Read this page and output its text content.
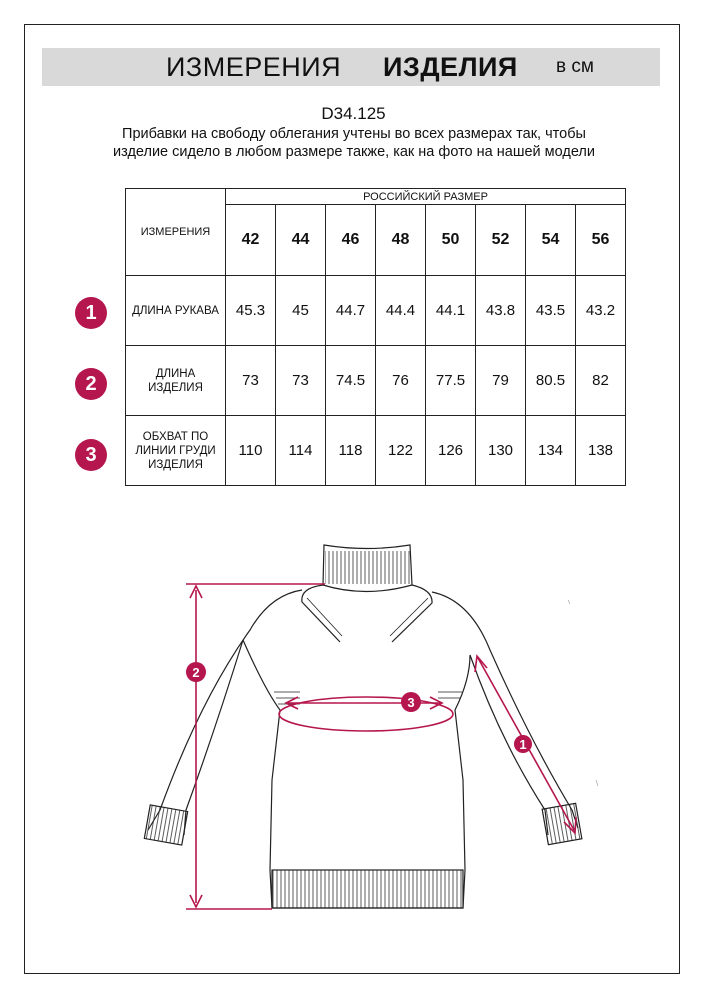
ИЗМЕРЕНИЯ ИЗДЕЛИЯ в см
D34.125
Прибавки на свободу облегания учтены во всех размерах так, чтобы изделие сидело в любом размере также, как на фото на нашей модели
ИЗМЕРЕНИЯ	РОССИЙСКИЙ РАЗМЕР							
	42	44	46	48	50	52	54	56
ДЛИНА РУКАВА	45.3	45	44.7	44.4	44.1	43.8	43.5	43.2
ДЛИНА ИЗДЕЛИЯ	73	73	74.5	76	77.5	79	80.5	82
ОБХВАТ ПО ЛИНИИ ГРУДИ ИЗДЕЛИЯ	110	114	118	122	126	130	134	138
1
2
3
2
3
1
